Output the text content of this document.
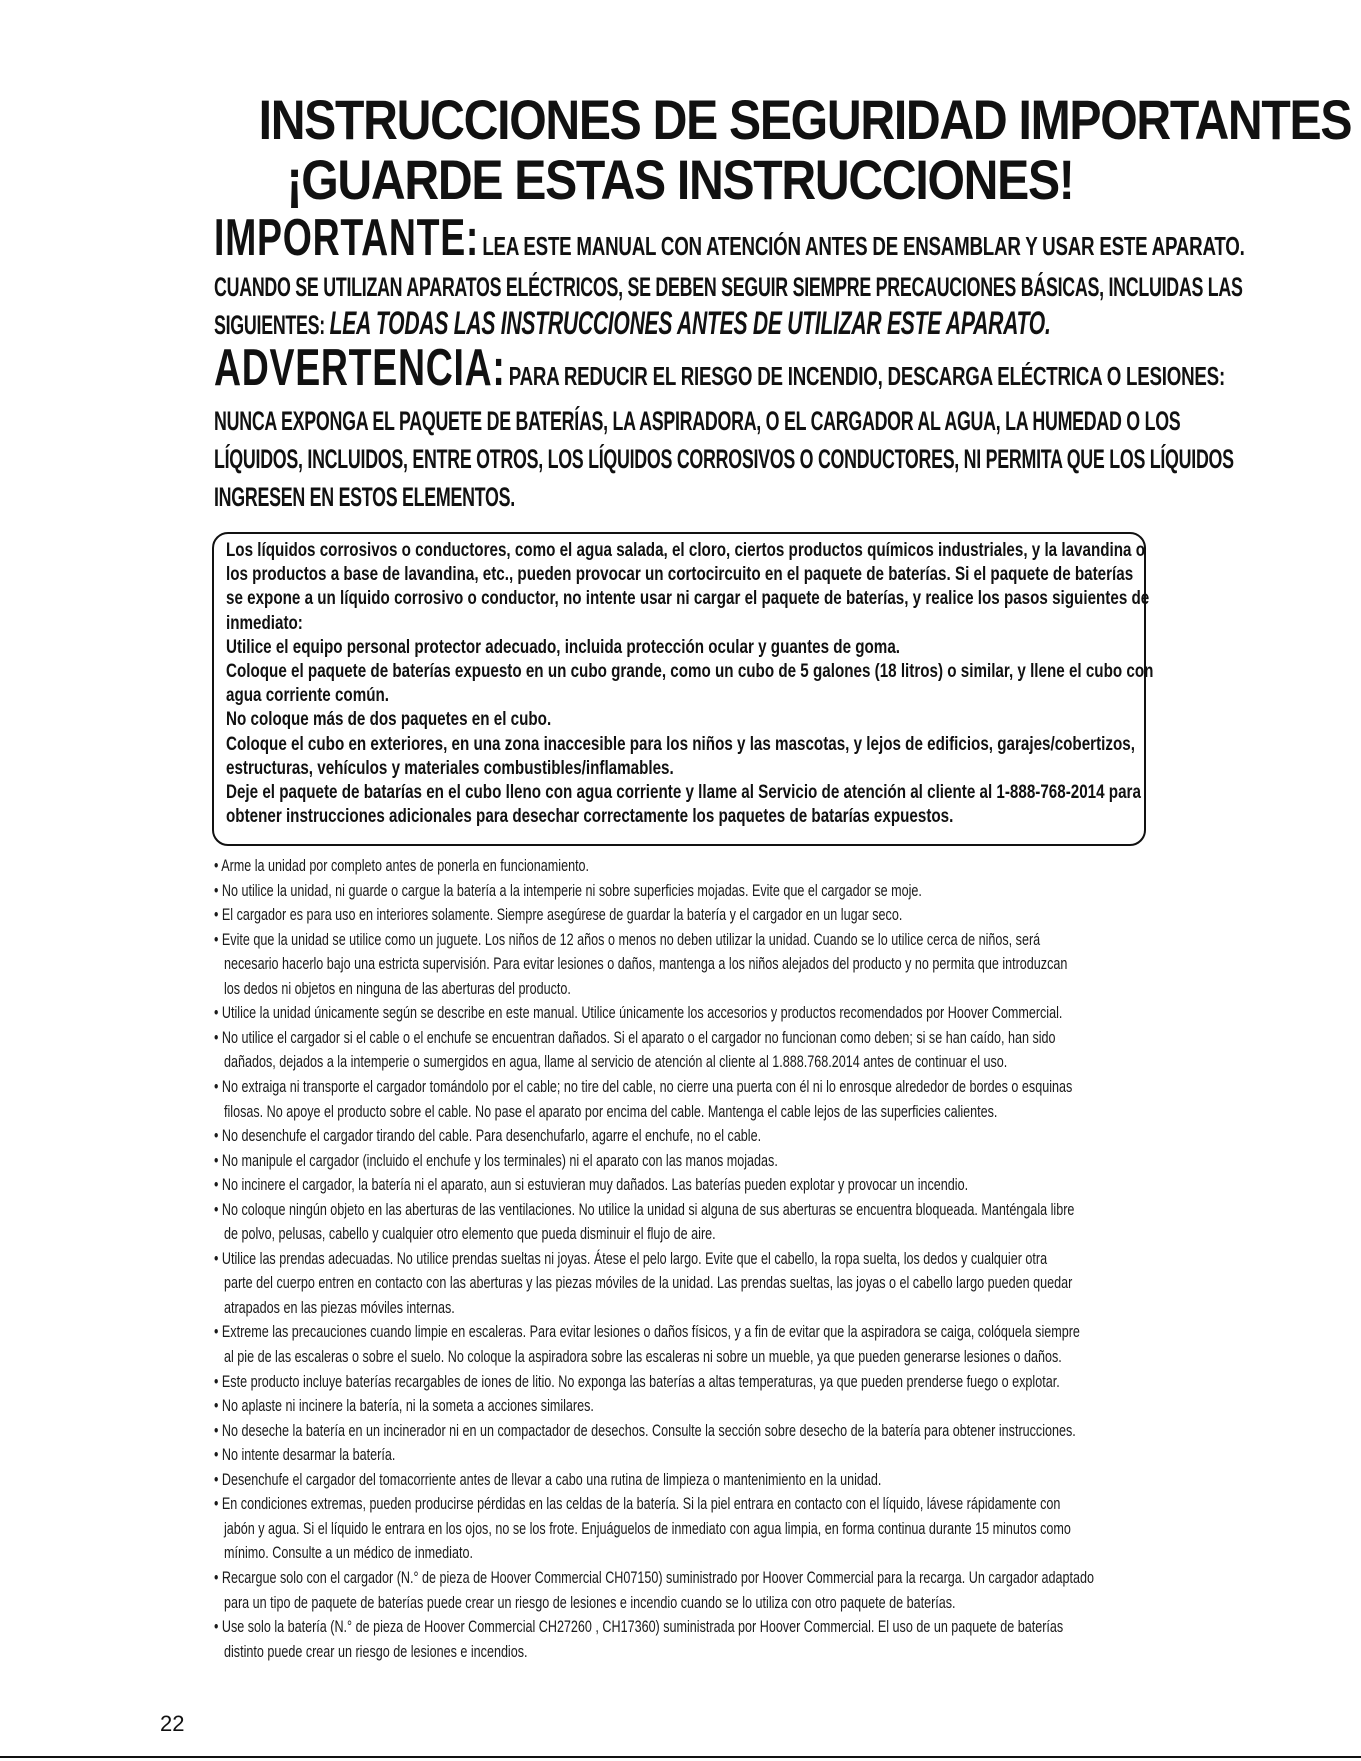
INSTRUCCIONES DE SEGURIDAD IMPORTANTES
¡GUARDE ESTAS INSTRUCCIONES!
IMPORTANTE: LEA ESTE MANUAL CON ATENCIÓN ANTES DE ENSAMBLAR Y USAR ESTE APARATO.
CUANDO SE UTILIZAN APARATOS ELÉCTRICOS, SE DEBEN SEGUIR SIEMPRE PRECAUCIONES BÁSICAS, INCLUIDAS LAS
SIGUIENTES: LEA TODAS LAS INSTRUCCIONES ANTES DE UTILIZAR ESTE APARATO.
ADVERTENCIA: PARA REDUCIR EL RIESGO DE INCENDIO, DESCARGA ELÉCTRICA O LESIONES:
NUNCA EXPONGA EL PAQUETE DE BATERÍAS, LA ASPIRADORA, O EL CARGADOR AL AGUA, LA HUMEDAD O LOS
LÍQUIDOS, INCLUIDOS, ENTRE OTROS, LOS LÍQUIDOS CORROSIVOS O CONDUCTORES, NI PERMITA QUE LOS LÍQUIDOS
INGRESEN EN ESTOS ELEMENTOS.
Los líquidos corrosivos o conductores, como el agua salada, el cloro, ciertos productos químicos industriales, y la lavandina o
los productos a base de lavandina, etc., pueden provocar un cortocircuito en el paquete de baterías. Si el paquete de baterías
se expone a un líquido corrosivo o conductor, no intente usar ni cargar el paquete de baterías, y realice los pasos siguientes de
inmediato:
Utilice el equipo personal protector adecuado, incluida protección ocular y guantes de goma.
Coloque el paquete de baterías expuesto en un cubo grande, como un cubo de 5 galones (18 litros) o similar, y llene el cubo con
agua corriente común.
No coloque más de dos paquetes en el cubo.
Coloque el cubo en exteriores, en una zona inaccesible para los niños y las mascotas, y lejos de edificios, garajes/cobertizos,
estructuras, vehículos y materiales combustibles/inflamables.
Deje el paquete de batarías en el cubo lleno con agua corriente y llame al Servicio de atención al cliente al 1-888-768-2014 para
obtener instrucciones adicionales para desechar correctamente los paquetes de batarías expuestos.
• Arme la unidad por completo antes de ponerla en funcionamiento.
• No utilice la unidad, ni guarde o cargue la batería a la intemperie ni sobre superficies mojadas. Evite que el cargador se moje.
• El cargador es para uso en interiores solamente. Siempre asegúrese de guardar la batería y el cargador en un lugar seco.
• Evite que la unidad se utilice como un juguete. Los niños de 12 años o menos no deben utilizar la unidad. Cuando se lo utilice cerca de niños, será
necesario hacerlo bajo una estricta supervisión. Para evitar lesiones o daños, mantenga a los niños alejados del producto y no permita que introduzcan
los dedos ni objetos en ninguna de las aberturas del producto.
• Utilice la unidad únicamente según se describe en este manual. Utilice únicamente los accesorios y productos recomendados por Hoover Commercial.
• No utilice el cargador si el cable o el enchufe se encuentran dañados. Si el aparato o el cargador no funcionan como deben; si se han caído, han sido
dañados, dejados a la intemperie o sumergidos en agua, llame al servicio de atención al cliente al 1.888.768.2014 antes de continuar el uso.
• No extraiga ni transporte el cargador tomándolo por el cable; no tire del cable, no cierre una puerta con él ni lo enrosque alrededor de bordes o esquinas
filosas. No apoye el producto sobre el cable. No pase el aparato por encima del cable. Mantenga el cable lejos de las superficies calientes.
• No desenchufe el cargador tirando del cable. Para desenchufarlo, agarre el enchufe, no el cable.
• No manipule el cargador (incluido el enchufe y los terminales) ni el aparato con las manos mojadas.
• No incinere el cargador, la batería ni el aparato, aun si estuvieran muy dañados. Las baterías pueden explotar y provocar un incendio.
• No coloque ningún objeto en las aberturas de las ventilaciones. No utilice la unidad si alguna de sus aberturas se encuentra bloqueada. Manténgala libre
de polvo, pelusas, cabello y cualquier otro elemento que pueda disminuir el flujo de aire.
• Utilice las prendas adecuadas. No utilice prendas sueltas ni joyas. Átese el pelo largo. Evite que el cabello, la ropa suelta, los dedos y cualquier otra
parte del cuerpo entren en contacto con las aberturas y las piezas móviles de la unidad. Las prendas sueltas, las joyas o el cabello largo pueden quedar
atrapados en las piezas móviles internas.
• Extreme las precauciones cuando limpie en escaleras. Para evitar lesiones o daños físicos, y a fin de evitar que la aspiradora se caiga, colóquela siempre
al pie de las escaleras o sobre el suelo. No coloque la aspiradora sobre las escaleras ni sobre un mueble, ya que pueden generarse lesiones o daños.
• Este producto incluye baterías recargables de iones de litio. No exponga las baterías a altas temperaturas, ya que pueden prenderse fuego o explotar.
• No aplaste ni incinere la batería, ni la someta a acciones similares.
• No deseche la batería en un incinerador ni en un compactador de desechos. Consulte la sección sobre desecho de la batería para obtener instrucciones.
• No intente desarmar la batería.
• Desenchufe el cargador del tomacorriente antes de llevar a cabo una rutina de limpieza o mantenimiento en la unidad.
• En condiciones extremas, pueden producirse pérdidas en las celdas de la batería. Si la piel entrara en contacto con el líquido, lávese rápidamente con
jabón y agua. Si el líquido le entrara en los ojos, no se los frote. Enjuáguelos de inmediato con agua limpia, en forma continua durante 15 minutos como
mínimo. Consulte a un médico de inmediato.
• Recargue solo con el cargador (N.° de pieza de Hoover Commercial CH07150) suministrado por Hoover Commercial para la recarga. Un cargador adaptado
para un tipo de paquete de baterías puede crear un riesgo de lesiones e incendio cuando se lo utiliza con otro paquete de baterías.
• Use solo la batería (N.° de pieza de Hoover Commercial CH27260 , CH17360) suministrada por Hoover Commercial. El uso de un paquete de baterías
distinto puede crear un riesgo de lesiones e incendios.
22
